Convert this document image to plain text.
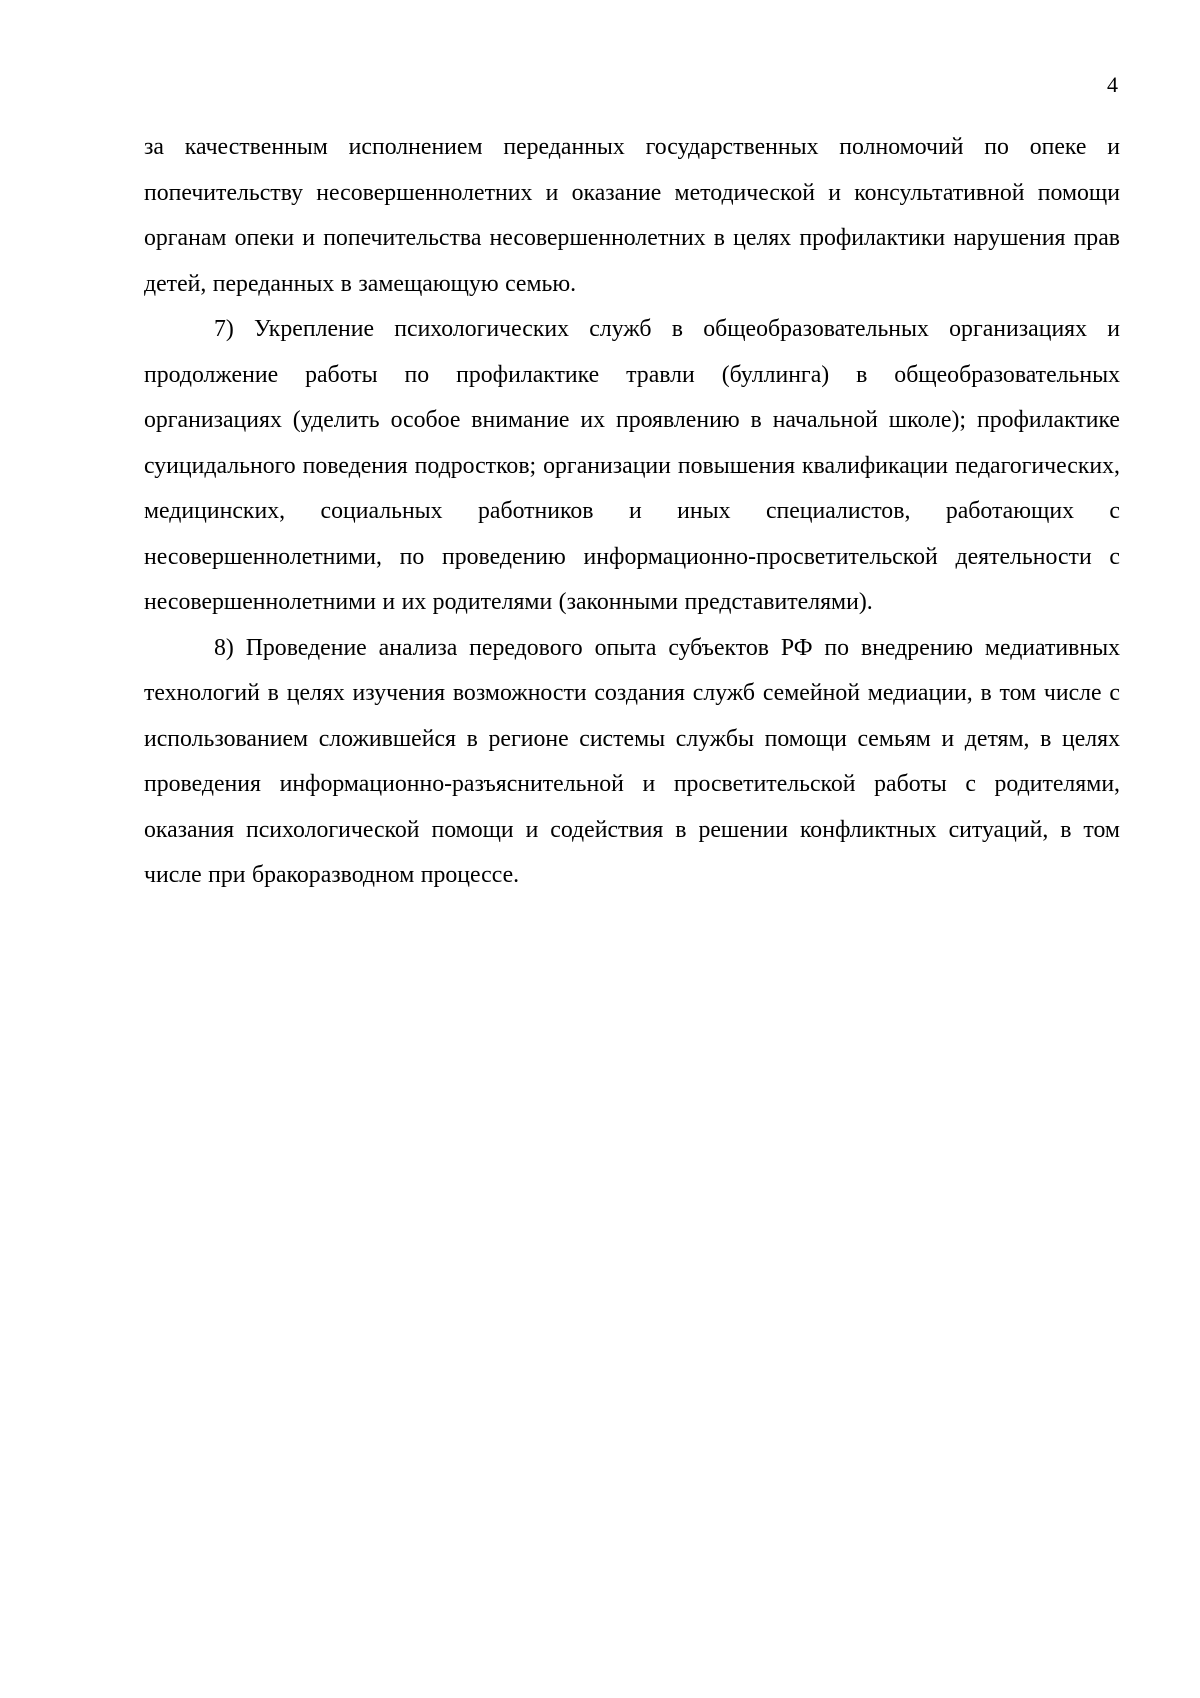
4

за качественным исполнением переданных государственных полномочий по опеке и попечительству несовершеннолетних и оказание методической и консультативной помощи органам опеки и попечительства несовершеннолетних в целях профилактики нарушения прав детей, переданных в замещающую семью.

7) Укрепление психологических служб в общеобразовательных организациях и продолжение работы по профилактике травли (буллинга) в общеобразовательных организациях (уделить особое внимание их проявлению в начальной школе); профилактике суицидального поведения подростков; организации повышения квалификации педагогических, медицинских, социальных работников и иных специалистов, работающих с несовершеннолетними, по проведению информационно-просветительской деятельности с несовершеннолетними и их родителями (законными представителями).

8) Проведение анализа передового опыта субъектов РФ по внедрению медиативных технологий в целях изучения возможности создания служб семейной медиации, в том числе с использованием сложившейся в регионе системы службы помощи семьям и детям, в целях проведения информационно-разъяснительной и просветительской работы с родителями, оказания психологической помощи и содействия в решении конфликтных ситуаций, в том числе при бракоразводном процессе.
